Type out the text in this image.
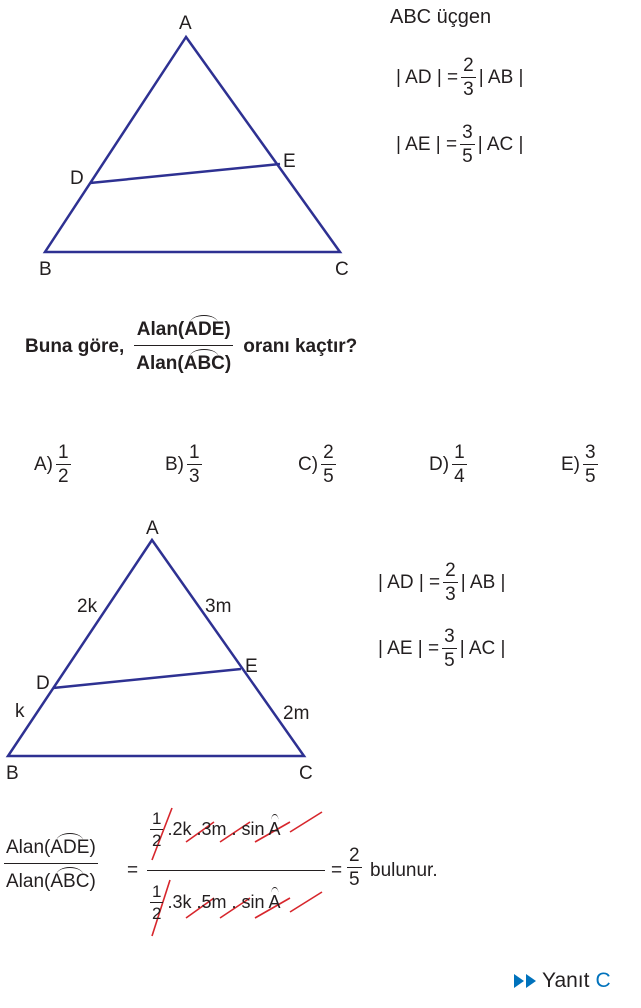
A
D
E
B	C
ABC üçgen
| AD | = $\frac{2}{3}$ | AB |
| AE | = $\frac{3}{5}$ | AC |
Buna göre, $\frac{\text{Alan(ADE)}}{\text{Alan(ABC)}}$ oranı kaçtır?
$A) \frac{1}{2}$	$B) \frac{1}{3}$	$C) \frac{2}{5}$	$D) \frac{1}{4}$	$E) \frac{3}{5}$
A
2k	3m
D
E
k	2m
B	C
| AD | = $\frac{2}{3}$ | AB |
| AE | = $\frac{3}{5}$ | AC |
Alan(ADE)
Alan(ABC)
=
$\frac{1}{2} .2k$ .3m . sin A
$\frac{1}{2} .3k$ .5m . sin A
= $\frac{2}{5}$ bulunur.
Yanıt C
